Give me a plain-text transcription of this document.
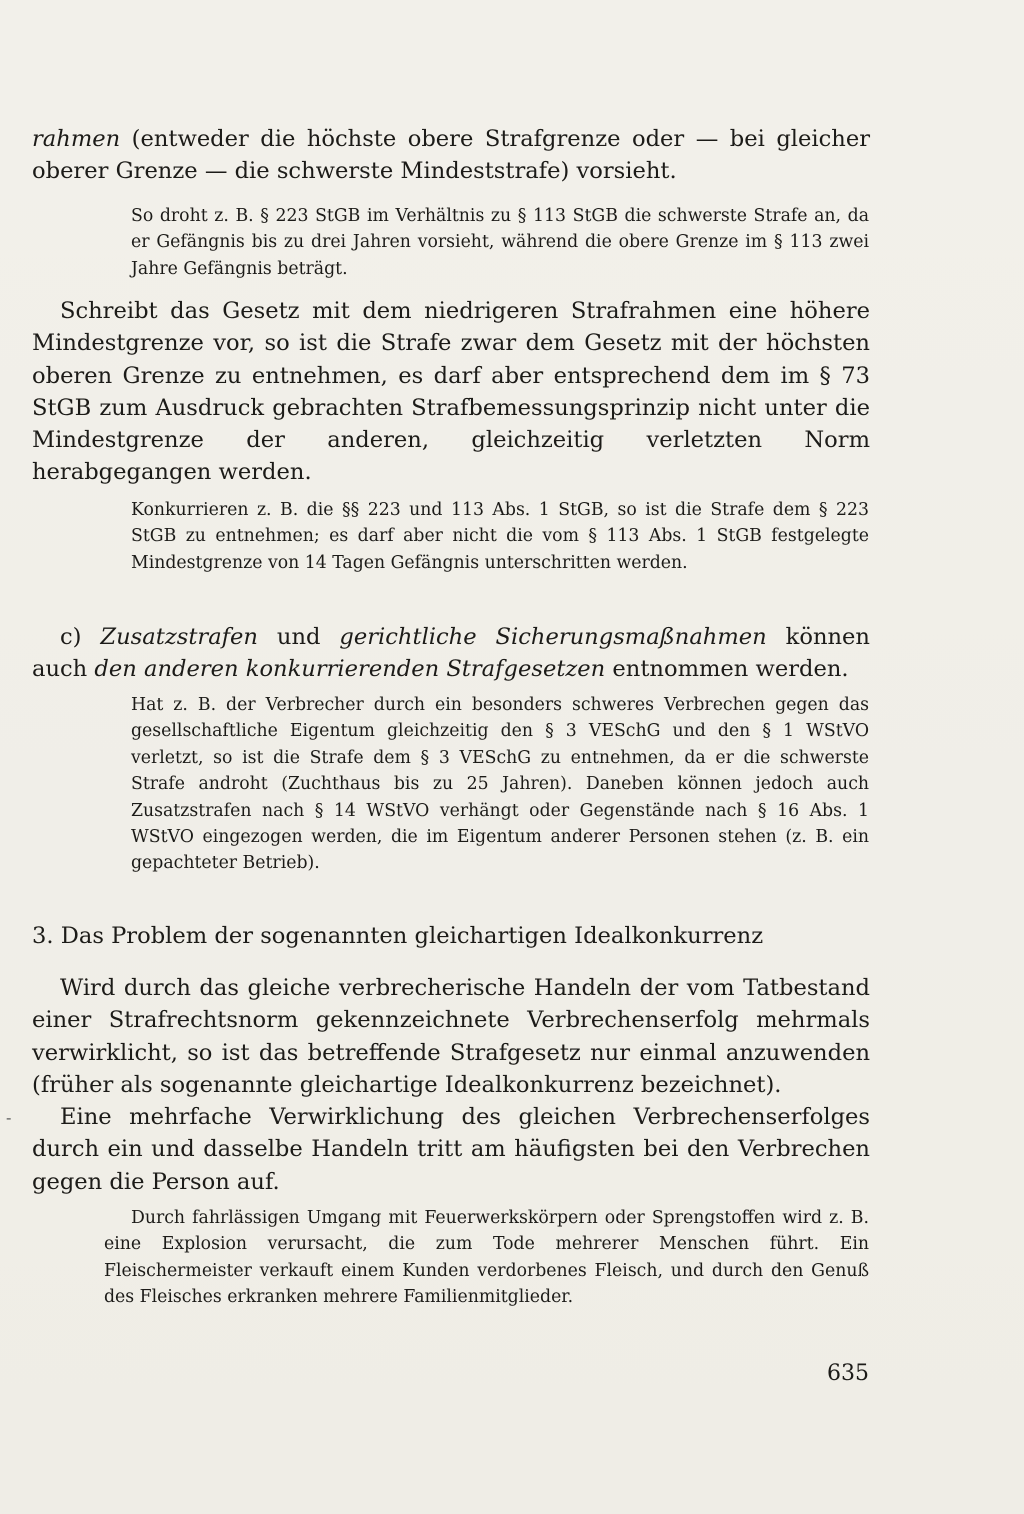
rahmen (entweder die höchste obere Strafgrenze oder — bei gleicher oberer Grenze — die schwerste Mindeststrafe) vorsieht.

So droht z. B. § 223 StGB im Verhältnis zu § 113 StGB die schwerste Strafe an, da er Gefängnis bis zu drei Jahren vorsieht, während die obere Grenze im § 113 zwei Jahre Gefängnis beträgt.

Schreibt das Gesetz mit dem niedrigeren Strafrahmen eine höhere Mindestgrenze vor, so ist die Strafe zwar dem Gesetz mit der höchsten oberen Grenze zu entnehmen, es darf aber entsprechend dem im § 73 StGB zum Ausdruck gebrachten Strafbemessungsprinzip nicht unter die Mindestgrenze der anderen, gleichzeitig verletzten Norm herabgegangen werden.

Konkurrieren z. B. die §§ 223 und 113 Abs. 1 StGB, so ist die Strafe dem § 223 StGB zu entnehmen; es darf aber nicht die vom § 113 Abs. 1 StGB festgelegte Mindestgrenze von 14 Tagen Gefängnis unterschritten werden.

c) Zusatzstrafen und gerichtliche Sicherungsmaßnahmen können auch den anderen konkurrierenden Strafgesetzen entnommen werden.

Hat z. B. der Verbrecher durch ein besonders schweres Verbrechen gegen das gesellschaftliche Eigentum gleichzeitig den § 3 VESchG und den § 1 WStVO verletzt, so ist die Strafe dem § 3 VESchG zu entnehmen, da er die schwerste Strafe androht (Zuchthaus bis zu 25 Jahren). Daneben können jedoch auch Zusatzstrafen nach § 14 WStVO verhängt oder Gegenstände nach § 16 Abs. 1 WStVO eingezogen werden, die im Eigentum anderer Personen stehen (z. B. ein gepachteter Betrieb).

3. Das Problem der sogenannten gleichartigen Idealkonkurrenz

Wird durch das gleiche verbrecherische Handeln der vom Tatbestand einer Strafrechtsnorm gekennzeichnete Verbrechenserfolg mehrmals verwirklicht, so ist das betreffende Strafgesetz nur einmal anzuwenden (früher als sogenannte gleichartige Idealkonkurrenz bezeichnet).

Eine mehrfache Verwirklichung des gleichen Verbrechenserfolges durch ein und dasselbe Handeln tritt am häufigsten bei den Verbrechen gegen die Person auf.

Durch fahrlässigen Umgang mit Feuerwerkskörpern oder Sprengstoffen wird z. B. eine Explosion verursacht, die zum Tode mehrerer Menschen führt. Ein Fleischermeister verkauft einem Kunden verdorbenes Fleisch, und durch den Genuß des Fleisches erkranken mehrere Familienmitglieder.

-
635
